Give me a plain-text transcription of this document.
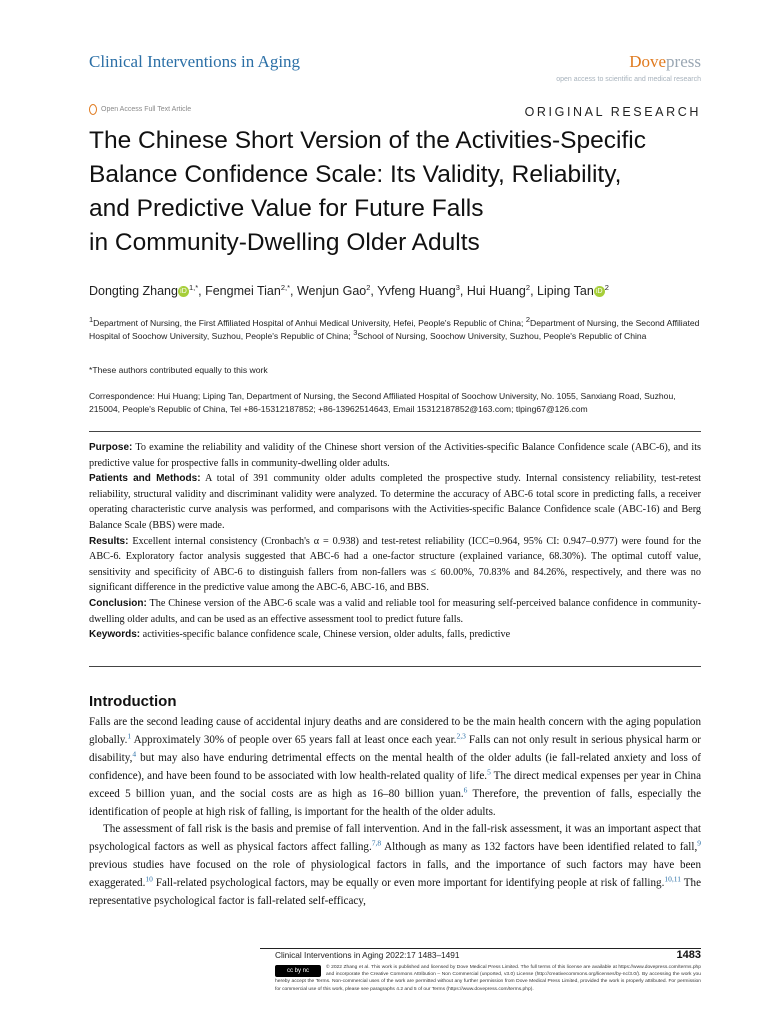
Clinical Interventions in Aging	Dovepress
open access to scientific and medical research
Open Access Full Text Article	ORIGINAL RESEARCH
The Chinese Short Version of the Activities-Specific
Balance Confidence Scale: Its Validity, Reliability,
and Predictive Value for Future Falls
in Community-Dwelling Older Adults
Dongting Zhang iD $^{1,*}$, Fengmei Tian$^{2,*}$, Wenjun Gao$^2$, Yvfeng Huang$^3$, Hui Huang$^2$, Liping Tan iD $^2$
$^1$Department of Nursing, the First Affiliated Hospital of Anhui Medical University, Hefei, People's Republic of China; $^2$Department of Nursing, the Second Affiliated Hospital of Soochow University, Suzhou, People's Republic of China; $^3$School of Nursing, Soochow University, Suzhou, People's Republic of China
*These authors contributed equally to this work
Correspondence: Hui Huang; Liping Tan, Department of Nursing, the Second Affiliated Hospital of Soochow University, No. 1055, Sanxiang Road, Suzhou, 215004, People's Republic of China, Tel +86-15312187852; +86-13962514643, Email 15312187852@163.com; tlping67@126.com

Purpose: To examine the reliability and validity of the Chinese short version of the Activities-specific Balance Confidence scale (ABC-6), and its predictive value for prospective falls in community-dwelling older adults.

Patients and Methods: A total of 391 community older adults completed the prospective study. Internal consistency reliability, test-retest reliability, structural validity and discriminant validity were analyzed. To determine the accuracy of ABC-6 total score in predicting falls, a receiver operating characteristic curve analysis was performed, and comparisons with the Activities-specific Balance Confidence scale (ABC-16) and Berg Balance Scale (BBS) were made.

Results: Excellent internal consistency (Cronbach's α = 0.938) and test-retest reliability (ICC=0.964, 95% CI: 0.947–0.977) were found for the ABC-6. Exploratory factor analysis suggested that ABC-6 had a one-factor structure (explained variance, 68.30%). The optimal cutoff value, sensitivity and specificity of ABC-6 to distinguish fallers from non-fallers was ≤ 60.00%, 70.83% and 84.26%, respectively, and there was no significant difference in the predictive value among the ABC-6, ABC-16, and BBS.

Conclusion: The Chinese version of the ABC-6 scale was a valid and reliable tool for measuring self-perceived balance confidence in community-dwelling older adults, and can be used as an effective assessment tool to predict future falls.

Keywords: activities-specific balance confidence scale, Chinese version, older adults, falls, predictive

Introduction

Falls are the second leading cause of accidental injury deaths and are considered to be the main health concern with the aging population globally.$^1$ Approximately 30% of people over 65 years fall at least once each year.$^{2,3}$ Falls can not only result in serious physical harm or disability,$^4$ but may also have enduring detrimental effects on the mental health of the older adults (ie fall-related anxiety and loss of confidence), and have been found to be associated with low health-related quality of life.$^5$ The direct medical expenses per year in China exceed 5 billion yuan, and the social costs are as high as 16–80 billion yuan.$^6$ Therefore, the prevention of falls, especially the identification of people at high risk of falling, is important for the health of the older adults.

The assessment of fall risk is the basis and premise of fall intervention. And in the fall-risk assessment, it was an important aspect that psychological factors as well as physical factors affect falling.$^{7,8}$ Although as many as 132 factors have been identified related to fall,$^9$ previous studies have focused on the role of physiological factors in falls, and the importance of such factors may have been exaggerated.$^{10}$ Fall-related psychological factors, may be equally or even more important for identifying people at risk of falling.$^{10,11}$ The representative psychological factor is fall-related self-efficacy,

Clinical Interventions in Aging 2022:17 1483–1491	1483
cc by nc
© 2022 Zhang et al. This work is published and licensed by Dove Medical Press Limited. The full terms of this license are available at https://www.dovepress.com/terms.php and incorporate the Creative Commons Attribution – Non Commercial (unported, v3.0) License (http://creativecommons.org/licenses/by-nc/3.0/). By accessing the work you hereby accept the Terms. Non-commercial uses of the work are permitted without any further permission from Dove Medical Press Limited, provided the work is properly attributed. For permission for commercial use of this work, please see paragraphs 4.2 and 5 of our Terms (https://www.dovepress.com/terms.php).
